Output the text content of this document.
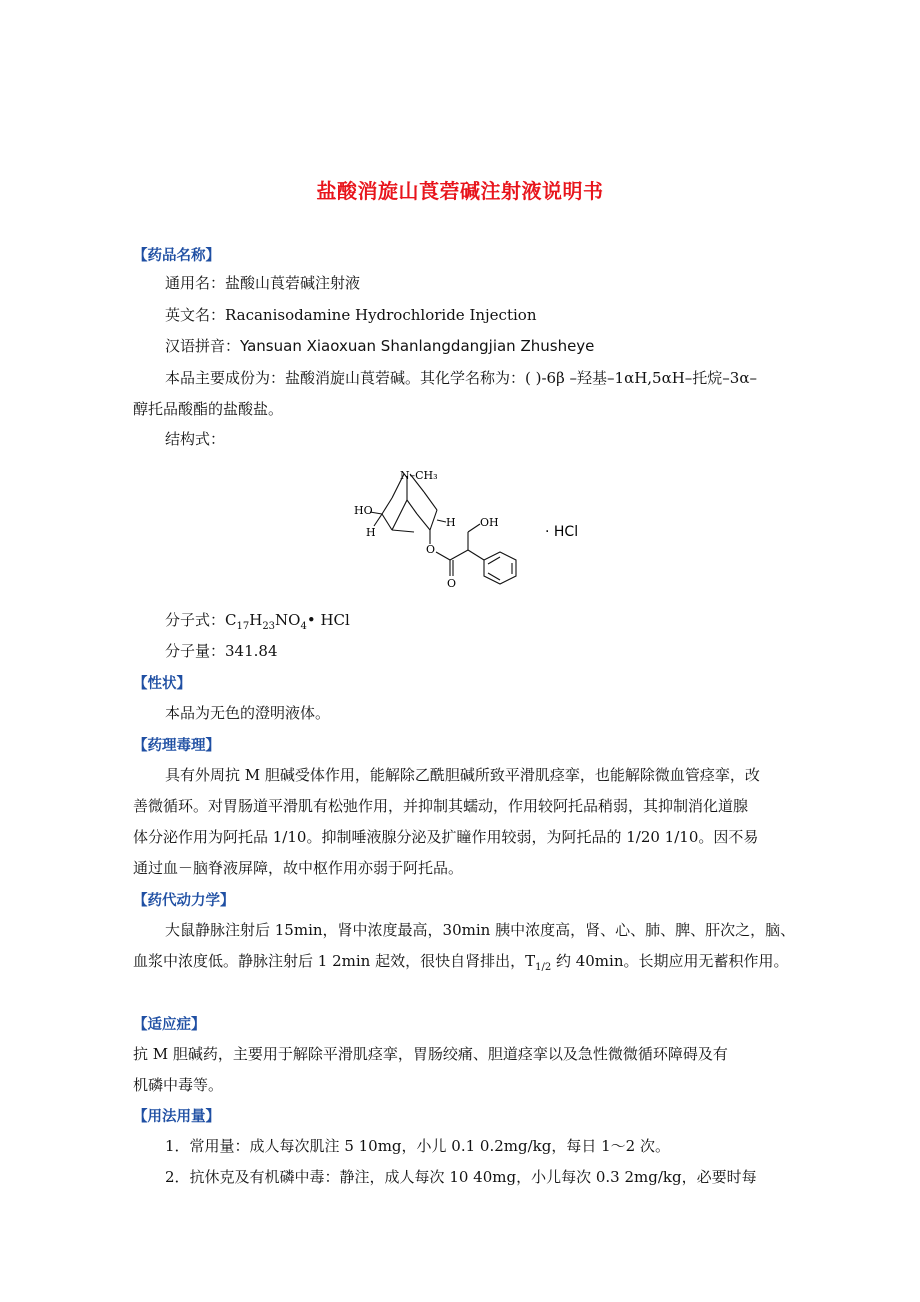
盐酸消旋山莨菪碱注射液说明书
【药品名称】
通用名：盐酸山莨菪碱注射液
英文名：Racanisodamine Hydrochloride Injection
汉语拼音：Yansuan Xiaoxuan Shanlangdangjian Zhusheye
本品主要成份为：盐酸消旋山莨菪碱。其化学名称为：( )-6β –羟基–1αH,5αH–托烷–3α–
醇托品酸酯的盐酸盐。
结构式：
N–CH₃
HO
H
H OH
O
O
· HCl
分子式：$C_{17}H_{23}NO_4•$ HCl
分子量：341.84
【性状】
本品为无色的澄明液体。
【药理毒理】
具有外周抗 M 胆碱受体作用，能解除乙酰胆碱所致平滑肌痉挛，也能解除微血管痉挛，改
善微循环。对胃肠道平滑肌有松弛作用，并抑制其蠕动，作用较阿托品稍弱，其抑制消化道腺
体分泌作用为阿托品 1/10。抑制唾液腺分泌及扩瞳作用较弱，为阿托品的 1/20 1/10。因不易
通过血－脑脊液屏障，故中枢作用亦弱于阿托品。
【药代动力学】
大鼠静脉注射后 15min，肾中浓度最高，30min 胰中浓度高，肾、心、肺、脾、肝次之，脑、
血浆中浓度低。静脉注射后 1 2min 起效，很快自肾排出，$T_{1/2}$ 约 40min。长期应用无蓄积作用。
【适应症】
抗 M 胆碱药，主要用于解除平滑肌痉挛，胃肠绞痛、胆道痉挛以及急性微微循环障碍及有
机磷中毒等。
【用法用量】
1．常用量：成人每次肌注 5 10mg，小儿 0.1 0.2mg/kg，每日 1～2 次。
2．抗休克及有机磷中毒：静注，成人每次 10 40mg，小儿每次 0.3 2mg/kg，必要时每
